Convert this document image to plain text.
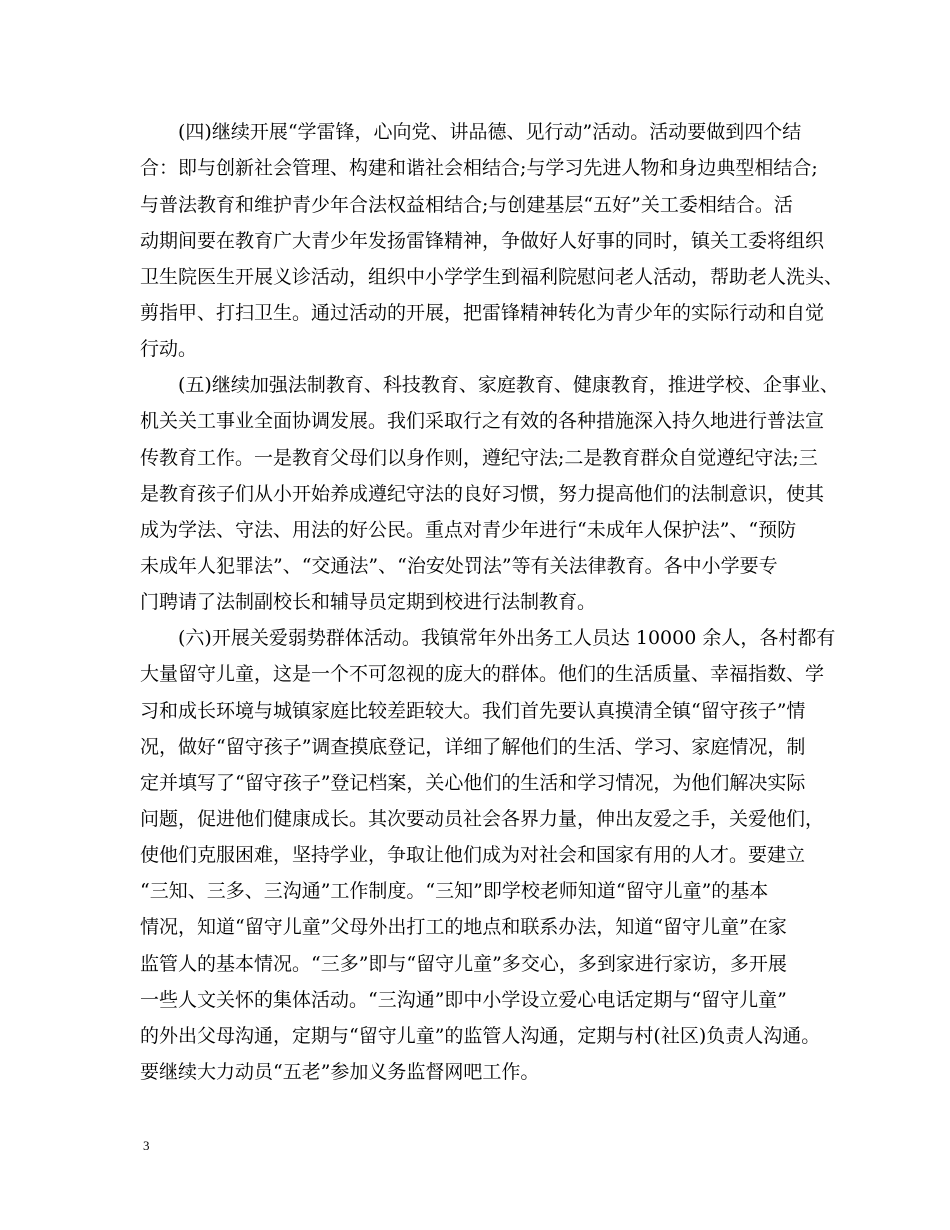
(四)继续开展“学雷锋，心向党、讲品德、见行动”活动。活动要做到四个结
合：即与创新社会管理、构建和谐社会相结合;与学习先进人物和身边典型相结合;
与普法教育和维护青少年合法权益相结合;与创建基层“五好”关工委相结合。活
动期间要在教育广大青少年发扬雷锋精神，争做好人好事的同时，镇关工委将组织
卫生院医生开展义诊活动，组织中小学学生到福利院慰问老人活动，帮助老人洗头、
剪指甲、打扫卫生。通过活动的开展，把雷锋精神转化为青少年的实际行动和自觉
行动。
(五)继续加强法制教育、科技教育、家庭教育、健康教育，推进学校、企事业、
机关关工事业全面协调发展。我们采取行之有效的各种措施深入持久地进行普法宣
传教育工作。一是教育父母们以身作则，遵纪守法;二是教育群众自觉遵纪守法;三
是教育孩子们从小开始养成遵纪守法的良好习惯，努力提高他们的法制意识，使其
成为学法、守法、用法的好公民。重点对青少年进行“未成年人保护法”、“预防
未成年人犯罪法”、“交通法”、“治安处罚法”等有关法律教育。各中小学要专
门聘请了法制副校长和辅导员定期到校进行法制教育。
(六)开展关爱弱势群体活动。我镇常年外出务工人员达 10000 余人，各村都有
大量留守儿童，这是一个不可忽视的庞大的群体。他们的生活质量、幸福指数、学
习和成长环境与城镇家庭比较差距较大。我们首先要认真摸清全镇“留守孩子”情
况，做好“留守孩子”调查摸底登记，详细了解他们的生活、学习、家庭情况，制
定并填写了“留守孩子”登记档案，关心他们的生活和学习情况，为他们解决实际
问题，促进他们健康成长。其次要动员社会各界力量，伸出友爱之手，关爱他们，
使他们克服困难，坚持学业，争取让他们成为对社会和国家有用的人才。要建立
“三知、三多、三沟通”工作制度。“三知”即学校老师知道“留守儿童”的基本
情况，知道“留守儿童”父母外出打工的地点和联系办法，知道“留守儿童”在家
监管人的基本情况。“三多”即与“留守儿童”多交心，多到家进行家访，多开展
一些人文关怀的集体活动。“三沟通”即中小学设立爱心电话定期与“留守儿童”
的外出父母沟通，定期与“留守儿童”的监管人沟通，定期与村(社区)负责人沟通。
要继续大力动员“五老”参加义务监督网吧工作。
3
